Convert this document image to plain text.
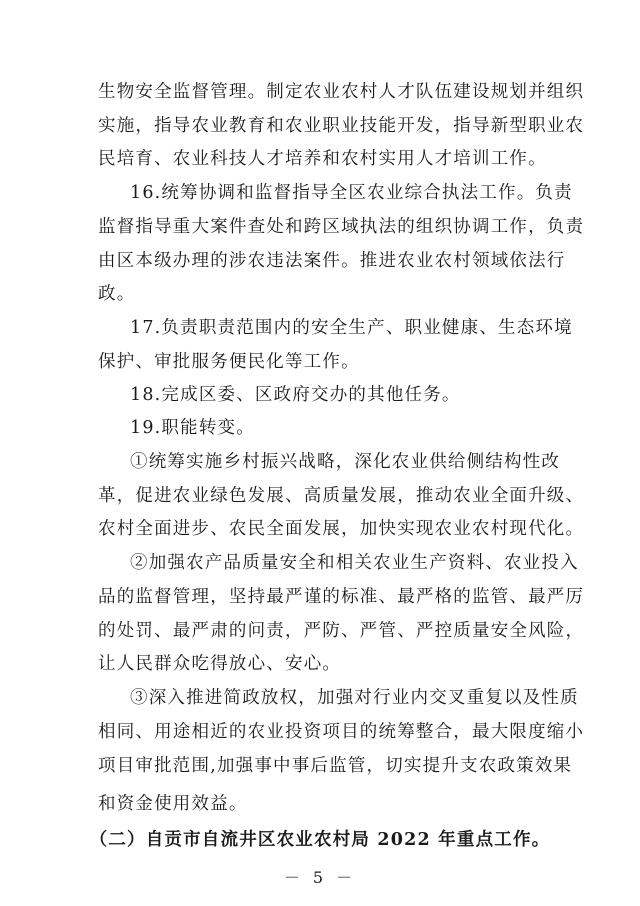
生物安全监督管理。制定农业农村人才队伍建设规划并组织
实施，指导农业教育和农业职业技能开发，指导新型职业农
民培育、农业科技人才培养和农村实用人才培训工作。
16.统筹协调和监督指导全区农业综合执法工作。负责
监督指导重大案件查处和跨区域执法的组织协调工作，负责
由区本级办理的涉农违法案件。推进农业农村领域依法行
政。
17.负责职责范围内的安全生产、职业健康、生态环境
保护、审批服务便民化等工作。
18.完成区委、区政府交办的其他任务。
19.职能转变。
①统筹实施乡村振兴战略，深化农业供给侧结构性改
革，促进农业绿色发展、高质量发展，推动农业全面升级、
农村全面进步、农民全面发展，加快实现农业农村现代化。
②加强农产品质量安全和相关农业生产资料、农业投入
品的监督管理，坚持最严谨的标准、最严格的监管、最严厉
的处罚、最严肃的问责，严防、严管、严控质量安全风险，
让人民群众吃得放心、安心。
③深入推进简政放权，加强对行业内交叉重复以及性质
相同、用途相近的农业投资项目的统筹整合，最大限度缩小
项目审批范围,加强事中事后监管，切实提升支农政策效果
和资金使用效益。
（二）自贡市自流井区农业农村局 2022 年重点工作。
－ 5 －
